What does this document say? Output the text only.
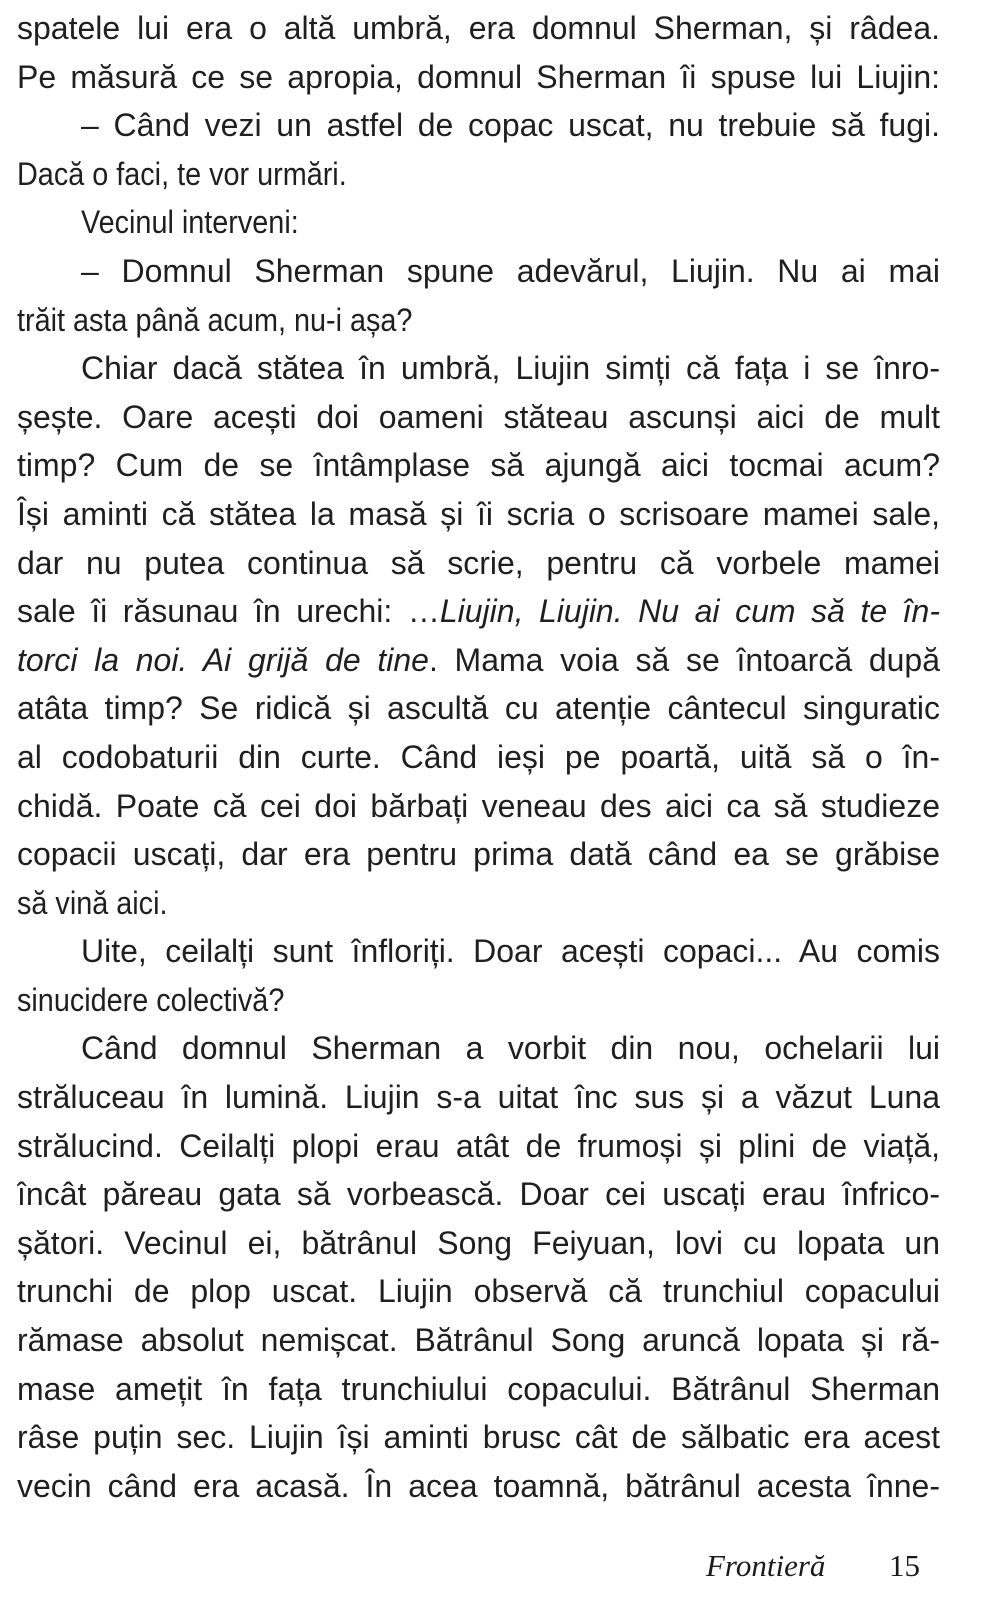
spatele lui era o altă umbră, era domnul Sherman, și râdea.
Pe măsură ce se apropia, domnul Sherman îi spuse lui Liujin:
– Când vezi un astfel de copac uscat, nu trebuie să fugi.
Dacă o faci, te vor urmări.
Vecinul interveni:
– Domnul Sherman spune adevărul, Liujin. Nu ai mai
trăit asta până acum, nu-i așa?
Chiar dacă stătea în umbră, Liujin simți că fața i se înro-
șește. Oare acești doi oameni stăteau ascunși aici de mult
timp? Cum de se întâmplase să ajungă aici tocmai acum?
Își aminti că stătea la masă și îi scria o scrisoare mamei sale,
dar nu putea continua să scrie, pentru că vorbele mamei
sale îi răsunau în urechi: …Liujin, Liujin. Nu ai cum să te în-
torci la noi. Ai grijă de tine. Mama voia să se întoarcă după
atâta timp? Se ridică și ascultă cu atenție cântecul singuratic
al codobaturii din curte. Când ieși pe poartă, uită să o în-
chidă. Poate că cei doi bărbați veneau des aici ca să studieze
copacii uscați, dar era pentru prima dată când ea se grăbise
să vină aici.
Uite, ceilalți sunt înfloriți. Doar acești copaci... Au comis
sinucidere colectivă?
Când domnul Sherman a vorbit din nou, ochelarii lui
străluceau în lumină. Liujin s-a uitat înc sus și a văzut Luna
strălucind. Ceilalți plopi erau atât de frumoși și plini de viață,
încât păreau gata să vorbească. Doar cei uscați erau înfrico-
șători. Vecinul ei, bătrânul Song Feiyuan, lovi cu lopata un
trunchi de plop uscat. Liujin observă că trunchiul copacului
rămase absolut nemișcat. Bătrânul Song aruncă lopata și ră-
mase amețit în fața trunchiului copacului. Bătrânul Sherman
râse puțin sec. Liujin își aminti brusc cât de sălbatic era acest
vecin când era acasă. În acea toamnă, bătrânul acesta înne-
Frontieră 15
